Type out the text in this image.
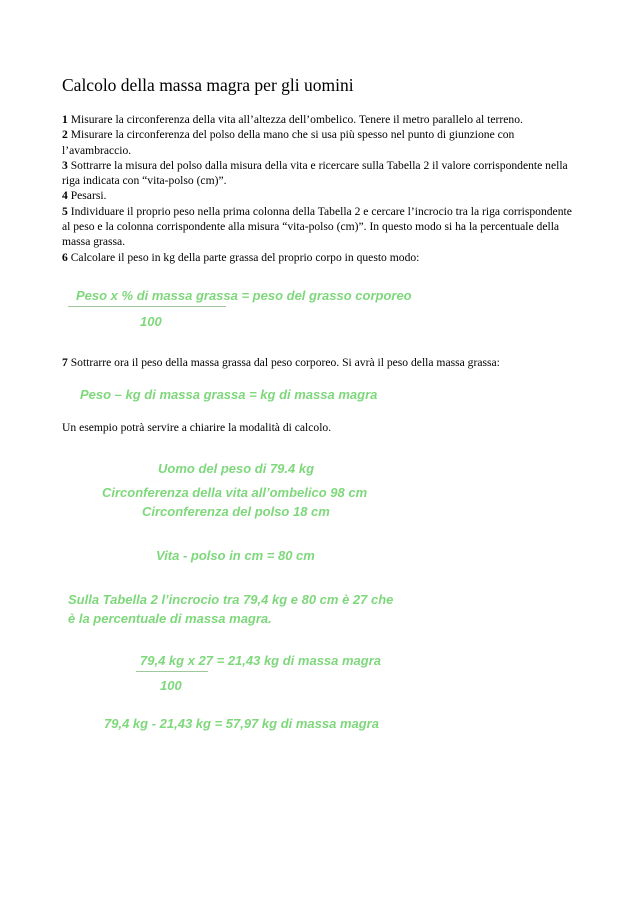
Calcolo della massa magra per gli uomini

1 Misurare la circonferenza della vita all’altezza dell’ombelico. Tenere il metro parallelo al terreno.

2 Misurare la circonferenza del polso della mano che si usa più spesso nel punto di giunzione con l’avambraccio.

3 Sottrarre la misura del polso dalla misura della vita e ricercare sulla Tabella 2 il valore corrispondente nella riga indicata con “vita-polso (cm)”.

4 Pesarsi.

5 Individuare il proprio peso nella prima colonna della Tabella 2 e cercare l’incrocio tra la riga corrispondente al peso e la colonna corrispondente alla misura “vita-polso (cm)”. In questo modo si ha la percentuale della massa grassa.

6 Calcolare il peso in kg della parte grassa del proprio corpo in questo modo:

Peso x % di massa grassa = peso del grasso corporeo
100

7 Sottrarre ora il peso della massa grassa dal peso corporeo. Si avrà il peso della massa grassa:

Peso – kg di massa grassa = kg di massa magra

Un esempio potrà servire a chiarire la modalità di calcolo.

Uomo del peso di 79.4 kg
Circonferenza della vita all’ombelico 98 cm
Circonferenza del polso 18 cm
Vita - polso in cm = 80 cm
Sulla Tabella 2 l’incrocio tra 79,4 kg e 80 cm è 27 che
è la percentuale di massa magra.
79,4 kg x 27 = 21,43 kg di massa magra
100
79,4 kg - 21,43 kg = 57,97 kg di massa magra
